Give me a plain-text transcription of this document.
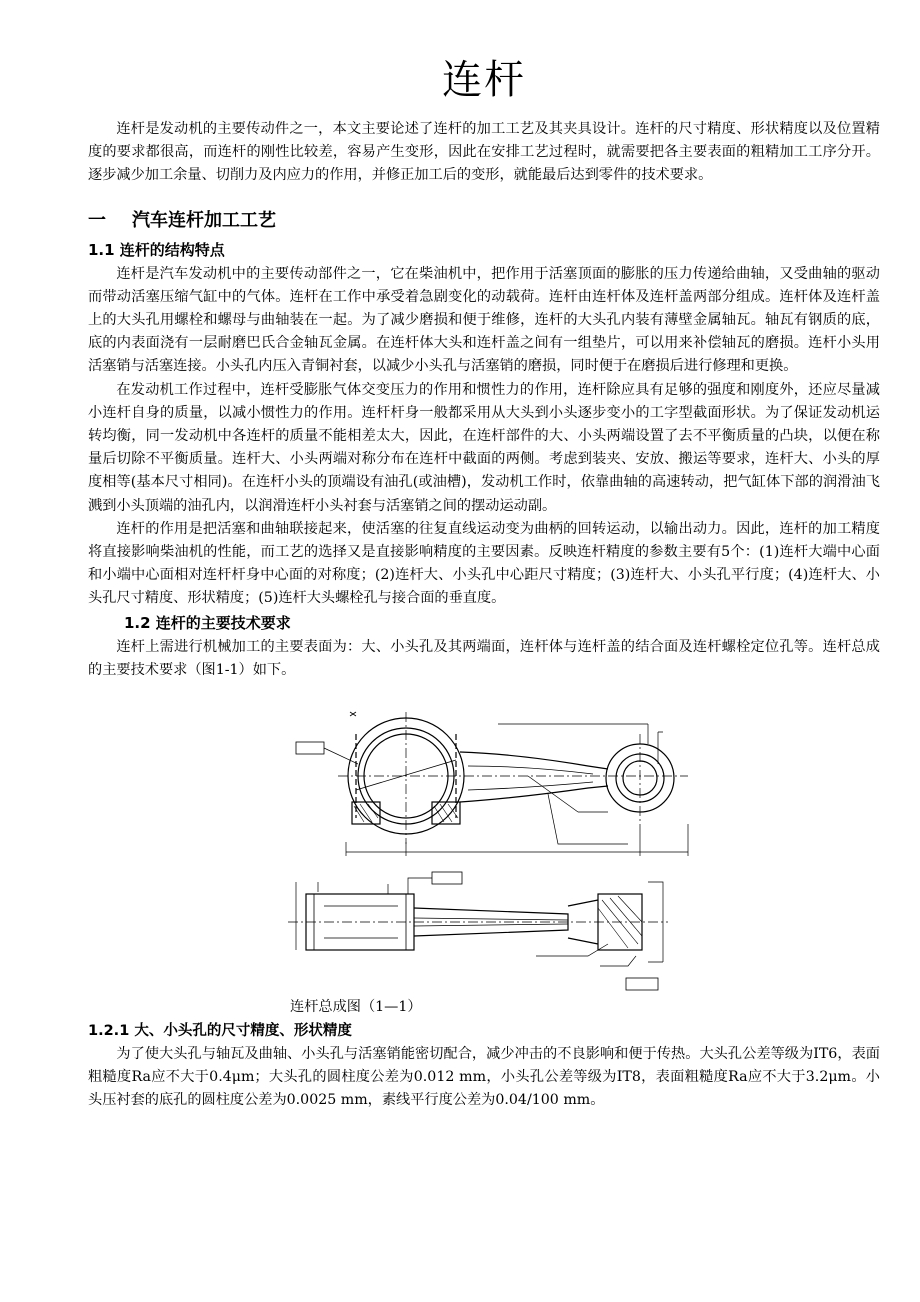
连杆

连杆是发动机的主要传动件之一，本文主要论述了连杆的加工工艺及其夹具设计。连杆的尺寸精度、形状精度以及位置精度的要求都很高，而连杆的刚性比较差，容易产生变形，因此在安排工艺过程时，就需要把各主要表面的粗精加工工序分开。逐步减少加工余量、切削力及内应力的作用，并修正加工后的变形，就能最后达到零件的技术要求。

一 汽车连杆加工工艺
1.1 连杆的结构特点

连杆是汽车发动机中的主要传动部件之一，它在柴油机中，把作用于活塞顶面的膨胀的压力传递给曲轴，又受曲轴的驱动而带动活塞压缩气缸中的气体。连杆在工作中承受着急剧变化的动载荷。连杆由连杆体及连杆盖两部分组成。连杆体及连杆盖上的大头孔用螺栓和螺母与曲轴装在一起。为了减少磨损和便于维修，连杆的大头孔内装有薄壁金属轴瓦。轴瓦有钢质的底，底的内表面浇有一层耐磨巴氏合金轴瓦金属。在连杆体大头和连杆盖之间有一组垫片，可以用来补偿轴瓦的磨损。连杆小头用活塞销与活塞连接。小头孔内压入青铜衬套，以减少小头孔与活塞销的磨损，同时便于在磨损后进行修理和更换。

在发动机工作过程中，连杆受膨胀气体交变压力的作用和惯性力的作用，连杆除应具有足够的强度和刚度外，还应尽量减小连杆自身的质量，以减小惯性力的作用。连杆杆身一般都采用从大头到小头逐步变小的工字型截面形状。为了保证发动机运转均衡，同一发动机中各连杆的质量不能相差太大，因此，在连杆部件的大、小头两端设置了去不平衡质量的凸块，以便在称量后切除不平衡质量。连杆大、小头两端对称分布在连杆中截面的两侧。考虑到装夹、安放、搬运等要求，连杆大、小头的厚度相等(基本尺寸相同)。在连杆小头的顶端设有油孔(或油槽)，发动机工作时，依靠曲轴的高速转动，把气缸体下部的润滑油飞溅到小头顶端的油孔内，以润滑连杆小头衬套与活塞销之间的摆动运动副。

连杆的作用是把活塞和曲轴联接起来，使活塞的往复直线运动变为曲柄的回转运动，以输出动力。因此，连杆的加工精度将直接影响柴油机的性能，而工艺的选择又是直接影响精度的主要因素。反映连杆精度的参数主要有5个：(1)连杆大端中心面和小端中心面相对连杆杆身中心面的对称度；(2)连杆大、小头孔中心距尺寸精度；(3)连杆大、小头孔平行度；(4)连杆大、小头孔尺寸精度、形状精度；(5)连杆大头螺栓孔与接合面的垂直度。

1.2 连杆的主要技术要求

连杆上需进行机械加工的主要表面为：大、小头孔及其两端面，连杆体与连杆盖的结合面及连杆螺栓定位孔等。连杆总成的主要技术要求（图1-1）如下。

连杆总成图（1—1）
1.2.1 大、小头孔的尺寸精度、形状精度

为了使大头孔与轴瓦及曲轴、小头孔与活塞销能密切配合，减少冲击的不良影响和便于传热。大头孔公差等级为IT6，表面粗糙度Ra应不大于0.4μm；大头孔的圆柱度公差为0.012 mm，小头孔公差等级为IT8，表面粗糙度Ra应不大于3.2μm。小头压衬套的底孔的圆柱度公差为0.0025 mm，素线平行度公差为0.04/100 mm。
